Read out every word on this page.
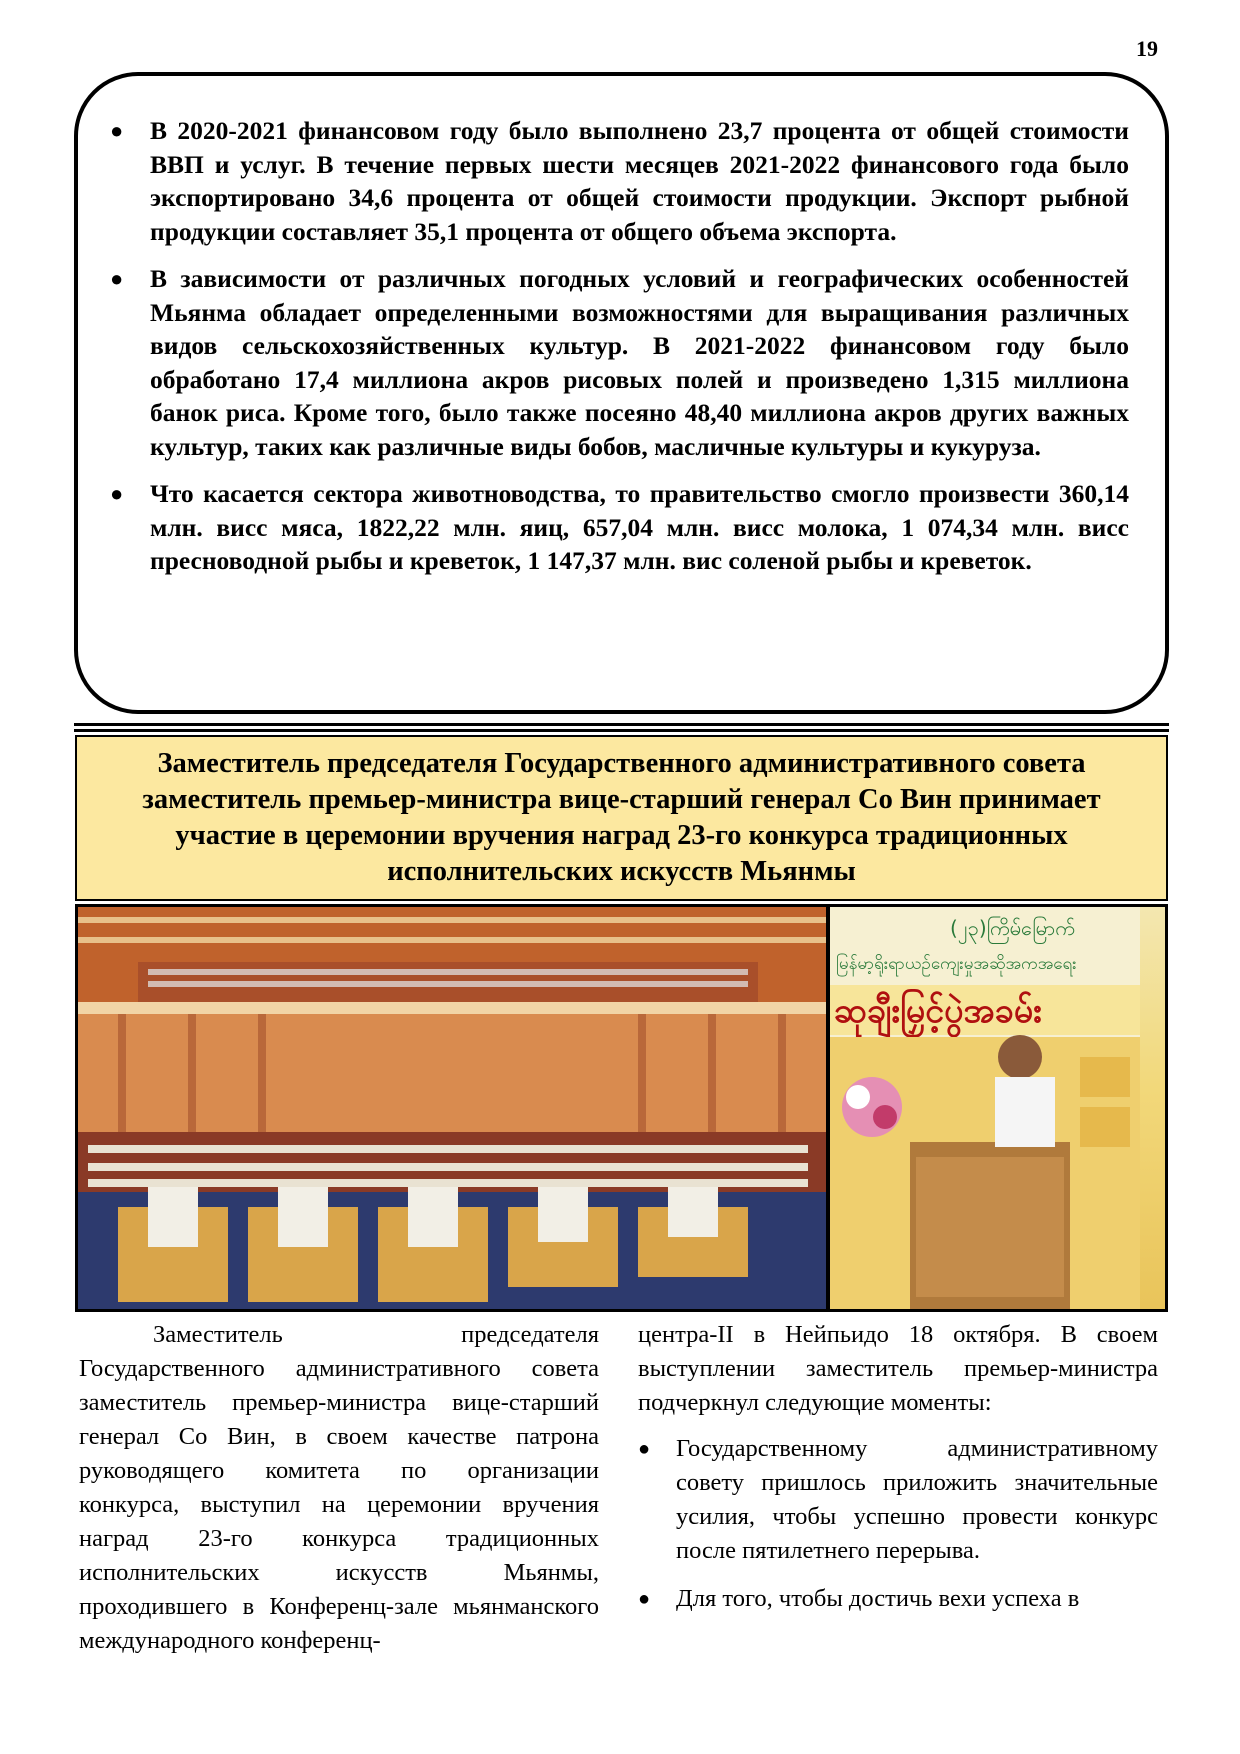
19
● В 2020-2021 финансовом году было выполнено 23,7 процента от общей стоимости ВВП и услуг. В течение первых шести месяцев 2021-2022 финансового года было экспортировано 34,6 процента от общей стоимости продукции. Экспорт рыбной продукции составляет 35,1 процента от общего объема экспорта.
● В зависимости от различных погодных условий и географических особенностей Мьянма обладает определенными возможностями для выращивания различных видов сельскохозяйственных культур. В 2021-2022 финансовом году было обработано 17,4 миллиона акров рисовых полей и произведено 1,315 миллиона банок риса. Кроме того, было также посеяно 48,40 миллиона акров других важных культур, таких как различные виды бобов, масличные культуры и кукуруза.
● Что касается сектора животноводства, то правительство смогло произвести 360,14 млн. висс мяса, 1822,22 млн. яиц, 657,04 млн. висс молока, 1 074,34 млн. висс пресноводной рыбы и креветок, 1 147,37 млн. вис соленой рыбы и креветок.
Заместитель председателя Государственного административного совета заместитель премьер-министра вице-старший генерал Со Вин принимает участие в церемонии вручения наград 23-го конкурса традиционных исполнительских искусств Мьянмы
(၂၃)ကြိမ်မြောက်
မြန်မာ့ရိုးရာယဉ်ကျေးမှုအဆိုအကအရေး
ဆုချီးမြှင့်ပွဲအခမ်း

Заместитель председателя Государственного административного совета заместитель премьер-министра вице-старший генерал Со Вин, в своем качестве патрона руководящего комитета по организации конкурса, выступил на церемонии вручения наград 23-го конкурса традиционных исполнительских искусств Мьянмы, проходившего в Конференц-зале мьянманского международного конференц-

центра-II в Нейпьидо 18 октября. В своем выступлении заместитель премьер-министра подчеркнул следующие моменты:

● Государственному административному совету пришлось приложить значительные усилия, чтобы успешно провести конкурс после пятилетнего перерыва.
● Для того, чтобы достичь вехи успеха в
